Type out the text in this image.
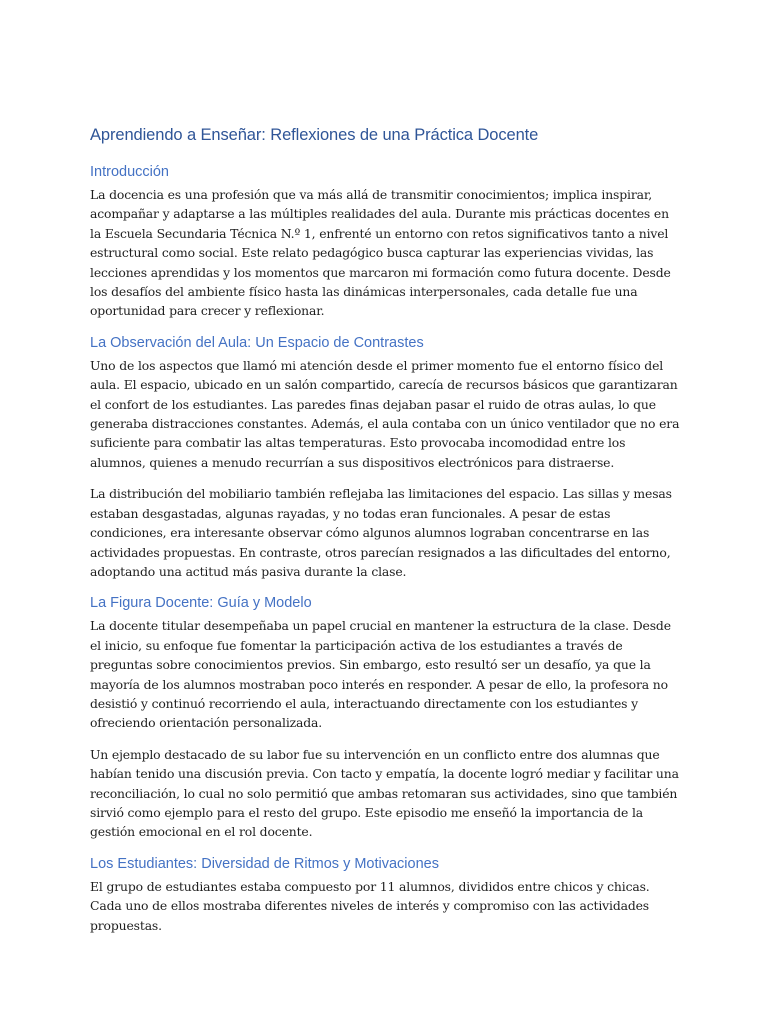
Aprendiendo a Enseñar: Reflexiones de una Práctica Docente
Introducción

La docencia es una profesión que va más allá de transmitir conocimientos; implica inspirar, acompañar y adaptarse a las múltiples realidades del aula. Durante mis prácticas docentes en la Escuela Secundaria Técnica N.º 1, enfrenté un entorno con retos significativos tanto a nivel estructural como social. Este relato pedagógico busca capturar las experiencias vividas, las lecciones aprendidas y los momentos que marcaron mi formación como futura docente. Desde los desafíos del ambiente físico hasta las dinámicas interpersonales, cada detalle fue una oportunidad para crecer y reflexionar.

La Observación del Aula: Un Espacio de Contrastes

Uno de los aspectos que llamó mi atención desde el primer momento fue el entorno físico del aula. El espacio, ubicado en un salón compartido, carecía de recursos básicos que garantizaran el confort de los estudiantes. Las paredes finas dejaban pasar el ruido de otras aulas, lo que generaba distracciones constantes. Además, el aula contaba con un único ventilador que no era suficiente para combatir las altas temperaturas. Esto provocaba incomodidad entre los alumnos, quienes a menudo recurrían a sus dispositivos electrónicos para distraerse.

La distribución del mobiliario también reflejaba las limitaciones del espacio. Las sillas y mesas estaban desgastadas, algunas rayadas, y no todas eran funcionales. A pesar de estas condiciones, era interesante observar cómo algunos alumnos lograban concentrarse en las actividades propuestas. En contraste, otros parecían resignados a las dificultades del entorno, adoptando una actitud más pasiva durante la clase.

La Figura Docente: Guía y Modelo

La docente titular desempeñaba un papel crucial en mantener la estructura de la clase. Desde el inicio, su enfoque fue fomentar la participación activa de los estudiantes a través de preguntas sobre conocimientos previos. Sin embargo, esto resultó ser un desafío, ya que la mayoría de los alumnos mostraban poco interés en responder. A pesar de ello, la profesora no desistió y continuó recorriendo el aula, interactuando directamente con los estudiantes y ofreciendo orientación personalizada.

Un ejemplo destacado de su labor fue su intervención en un conflicto entre dos alumnas que habían tenido una discusión previa. Con tacto y empatía, la docente logró mediar y facilitar una reconciliación, lo cual no solo permitió que ambas retomaran sus actividades, sino que también sirvió como ejemplo para el resto del grupo. Este episodio me enseñó la importancia de la gestión emocional en el rol docente.

Los Estudiantes: Diversidad de Ritmos y Motivaciones

El grupo de estudiantes estaba compuesto por 11 alumnos, divididos entre chicos y chicas. Cada uno de ellos mostraba diferentes niveles de interés y compromiso con las actividades propuestas.
